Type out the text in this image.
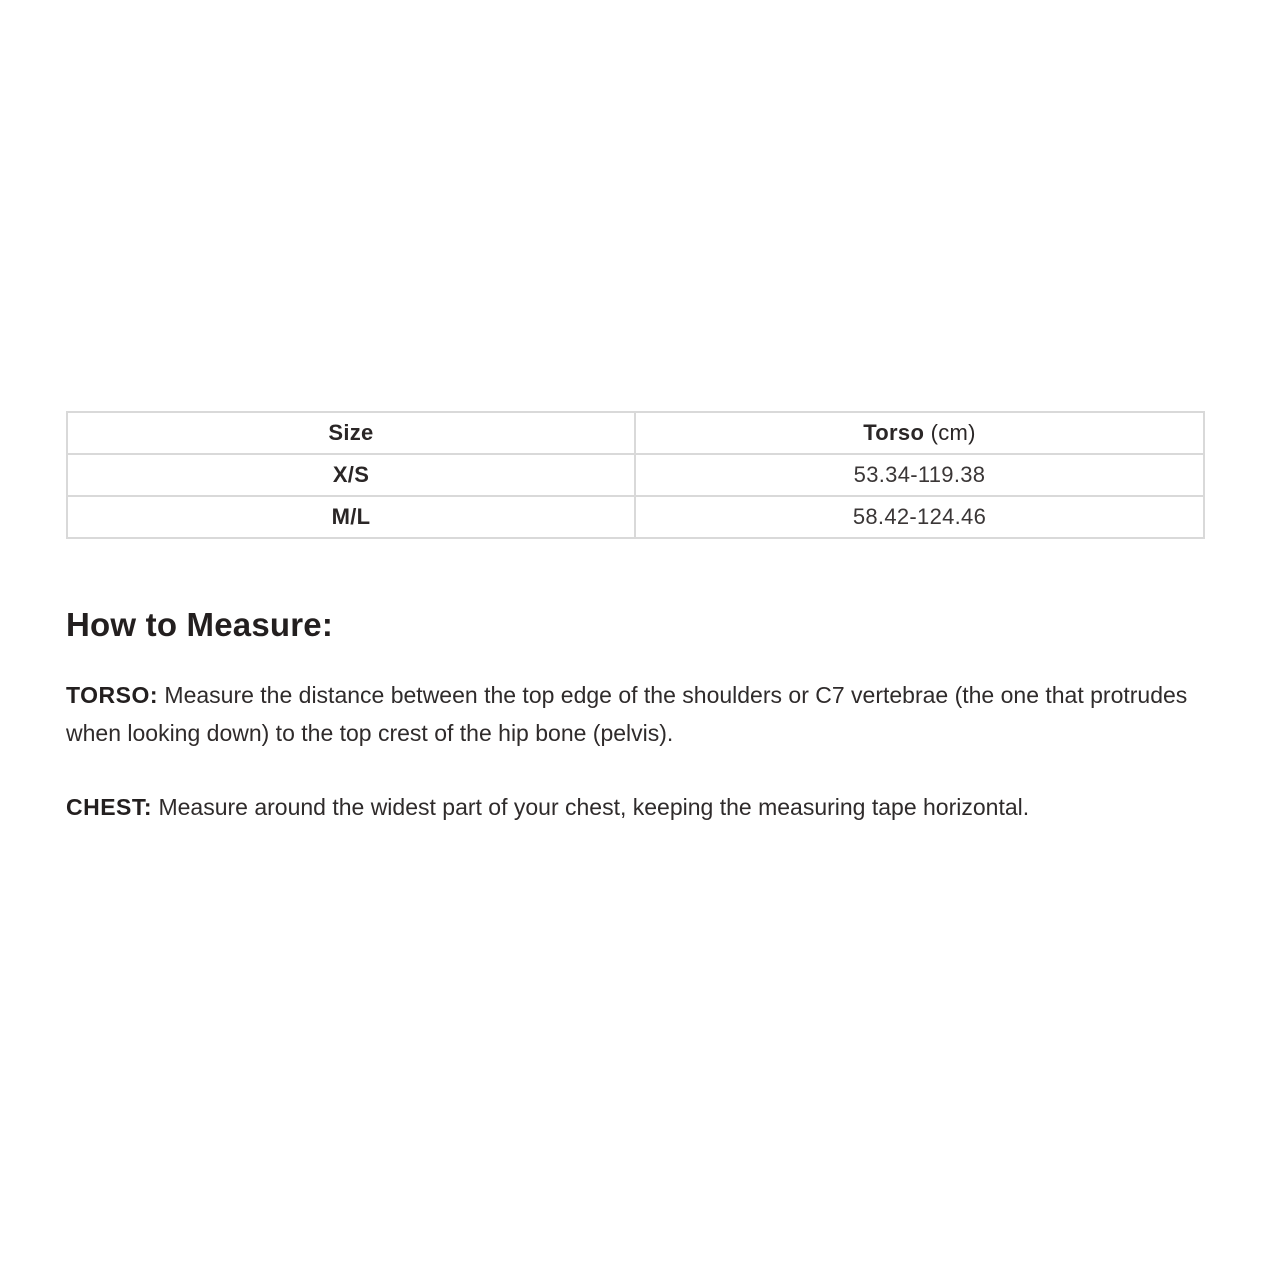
Size	Torso (cm)
X/S	53.34-119.38
M/L	58.42-124.46
How to Measure:

TORSO: Measure the distance between the top edge of the shoulders or C7 vertebrae (the one that protrudes when looking down) to the top crest of the hip bone (pelvis).

CHEST: Measure around the widest part of your chest, keeping the measuring tape horizontal.
